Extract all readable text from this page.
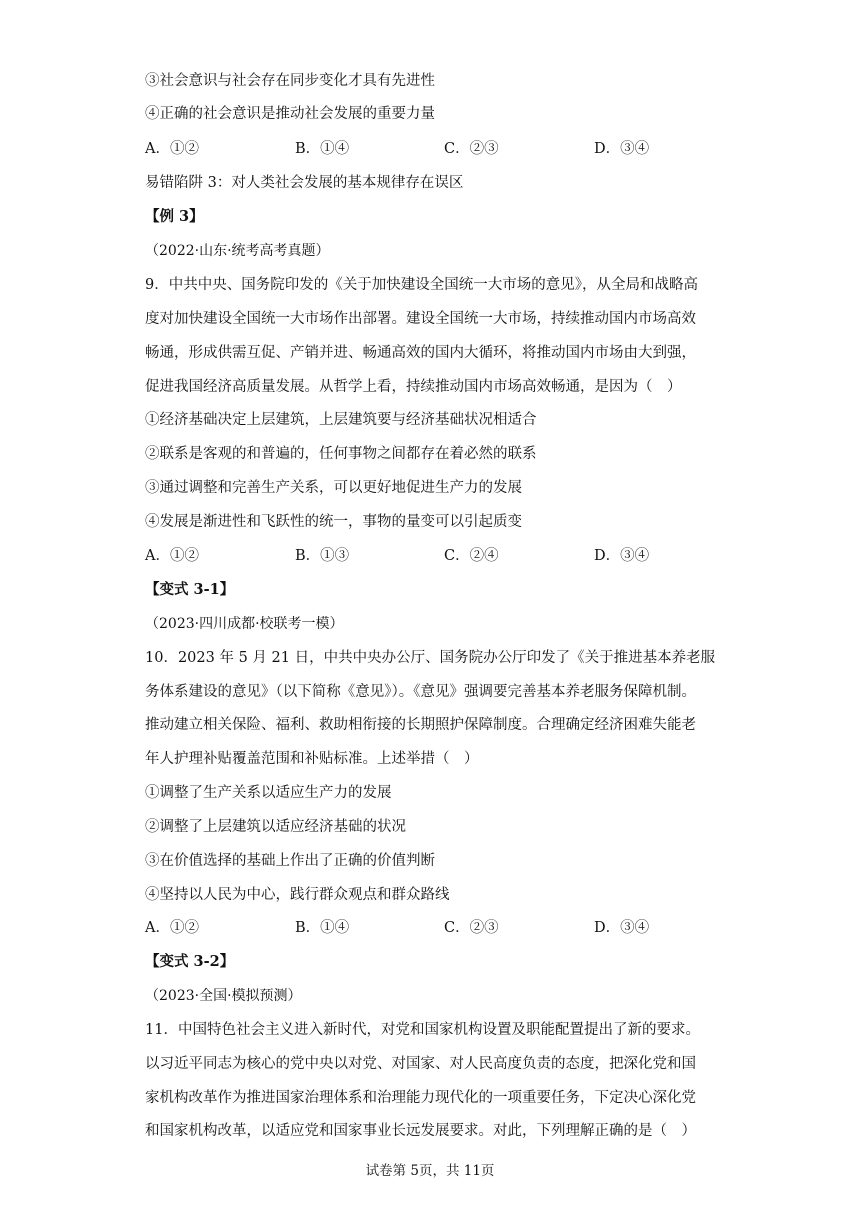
③社会意识与社会存在同步变化才具有先进性
④正确的社会意识是推动社会发展的重要力量
A．①②	B．①④	C．②③	D．③④
易错陷阱 3：对人类社会发展的基本规律存在误区
【例 3】
（2022·山东·统考高考真题）
9．中共中央、国务院印发的《关于加快建设全国统一大市场的意见》，从全局和战略高
度对加快建设全国统一大市场作出部署。建设全国统一大市场，持续推动国内市场高效
畅通，形成供需互促、产销并进、畅通高效的国内大循环，将推动国内市场由大到强，
促进我国经济高质量发展。从哲学上看，持续推动国内市场高效畅通，是因为（　）
①经济基础决定上层建筑，上层建筑要与经济基础状况相适合
②联系是客观的和普遍的，任何事物之间都存在着必然的联系
③通过调整和完善生产关系，可以更好地促进生产力的发展
④发展是渐进性和飞跃性的统一，事物的量变可以引起质变
A．①②	B．①③	C．②④	D．③④
【变式 3-1】
（2023·四川成都·校联考一模）
10．2023 年 5 月 21 日，中共中央办公厅、国务院办公厅印发了《关于推进基本养老服
务体系建设的意见》（以下简称《意见》）。《意见》强调要完善基本养老服务保障机制。
推动建立相关保险、福利、救助相衔接的长期照护保障制度。合理确定经济困难失能老
年人护理补贴覆盖范围和补贴标准。上述举措（　）
①调整了生产关系以适应生产力的发展
②调整了上层建筑以适应经济基础的状况
③在价值选择的基础上作出了正确的价值判断
④坚持以人民为中心，践行群众观点和群众路线
A．①②	B．①④	C．②③	D．③④
【变式 3-2】
（2023·全国·模拟预测）
11．中国特色社会主义进入新时代，对党和国家机构设置及职能配置提出了新的要求。
以习近平同志为核心的党中央以对党、对国家、对人民高度负责的态度，把深化党和国
家机构改革作为推进国家治理体系和治理能力现代化的一项重要任务，下定决心深化党
和国家机构改革，以适应党和国家事业长远发展要求。对此，下列理解正确的是（　）
试卷第 5页，共 11页
